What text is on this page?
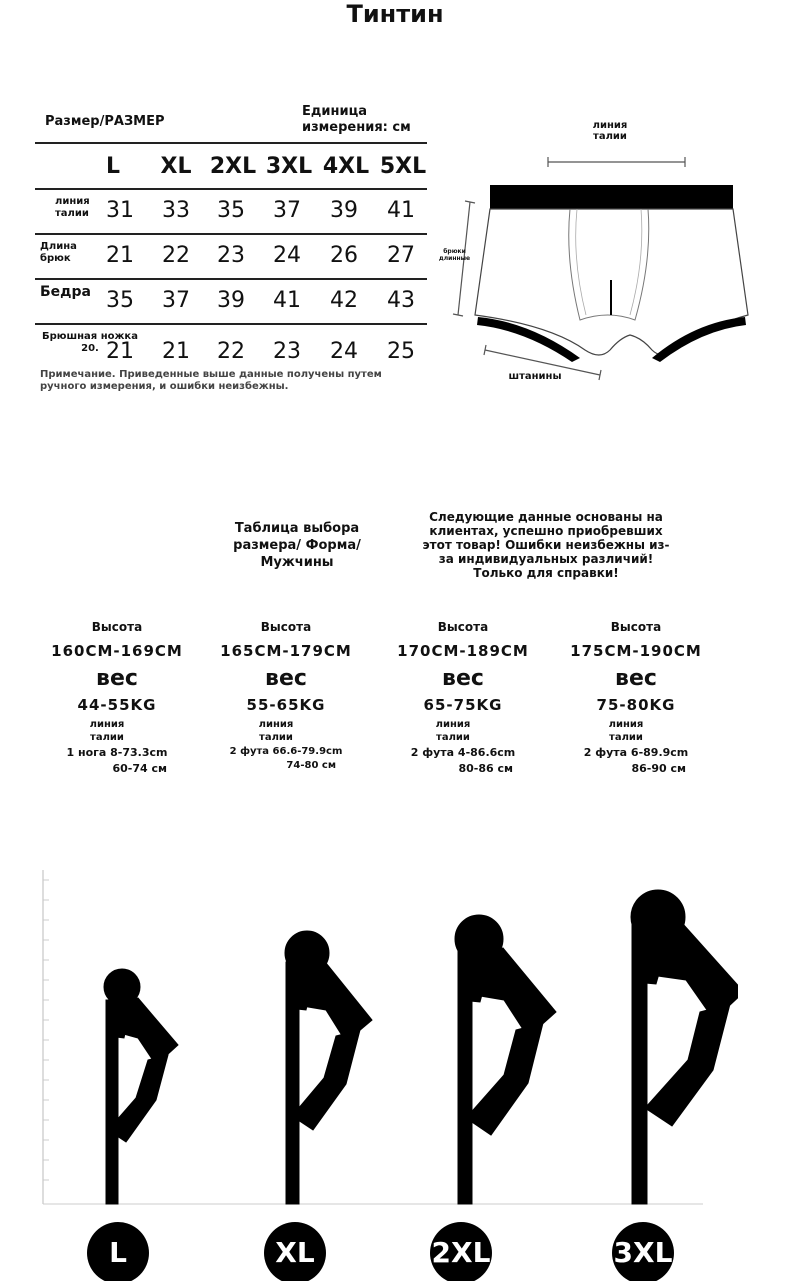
Тинтин
Размер/РАЗМЕР
Единица измерения: см
L	XL 2XL 3XL 4XL 5XL
линия талии 31	33	35	37	39	41
Длина брюк	21	22	23	24	26	27
Бедра 35	37	39	41	42	43
Брюшная ножка 20. 21	21	22	23	24	25
Примечание. Приведенные выше данные получены путем ручного измерения, и ошибки неизбежны.
линия талии
брюки длинные
штанины
Таблица выбора размера/ Форма/Мужчины
Следующие данные основаны на клиентах, успешно приобревших этот товар! Ошибки неизбежны из-за индивидуальных различий! Только для справки!
Высота
160CM-169CM
вес
44-55KG
линия талии
1 нога 8-73.3cm
60-74 см
Высота
165CM-179CM
вес
55-65KG
линия талии
2 фута 66.6-79.9cm
74-80 см
Высота
170CM-189CM
вес
65-75KG
линия талии
2 фута 4-86.6cm
80-86 см
Высота
175CM-190CM
вес
75-80KG
линия талии
2 фута 6-89.9cm
86-90 см
L	XL	2XL	3XL
